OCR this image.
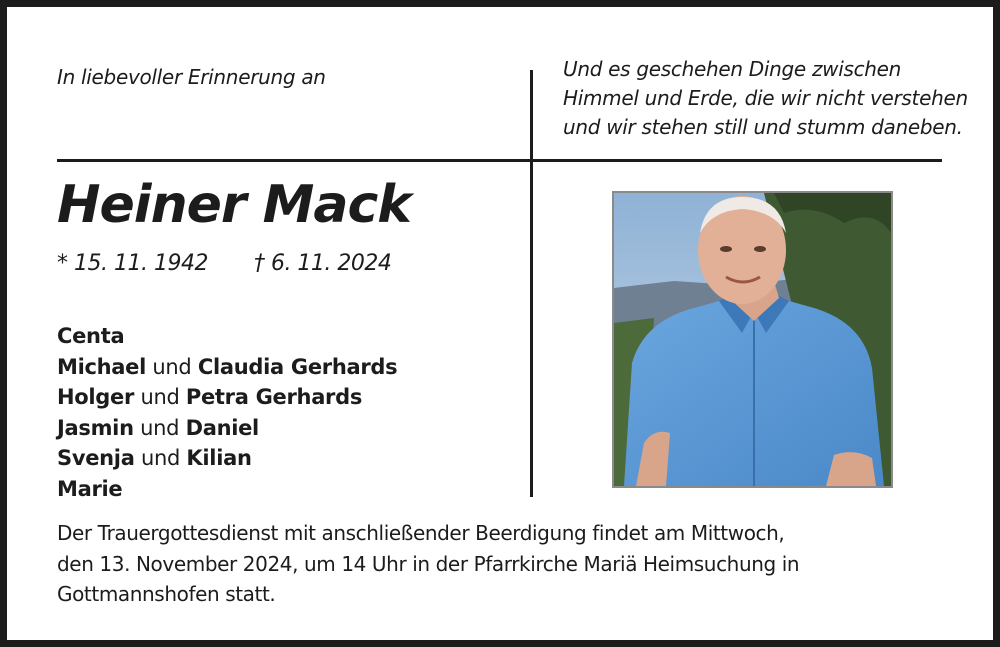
In liebevoller Erinnerung an	Und es geschehen Dinge zwischen
Himmel und Erde, die wir nicht verstehen
und wir stehen still und stumm daneben.
Heiner Mack
* 15. 11. 1942 † 6. 11. 2024
Centa
Michael und Claudia Gerhards
Holger und Petra Gerhards
Jasmin und Daniel
Svenja und Kilian
Marie
Der Trauergottesdienst mit anschließender Beerdigung findet am Mittwoch,
den 13. November 2024, um 14 Uhr in der Pfarrkirche Mariä Heimsuchung in
Gottmannshofen statt.
